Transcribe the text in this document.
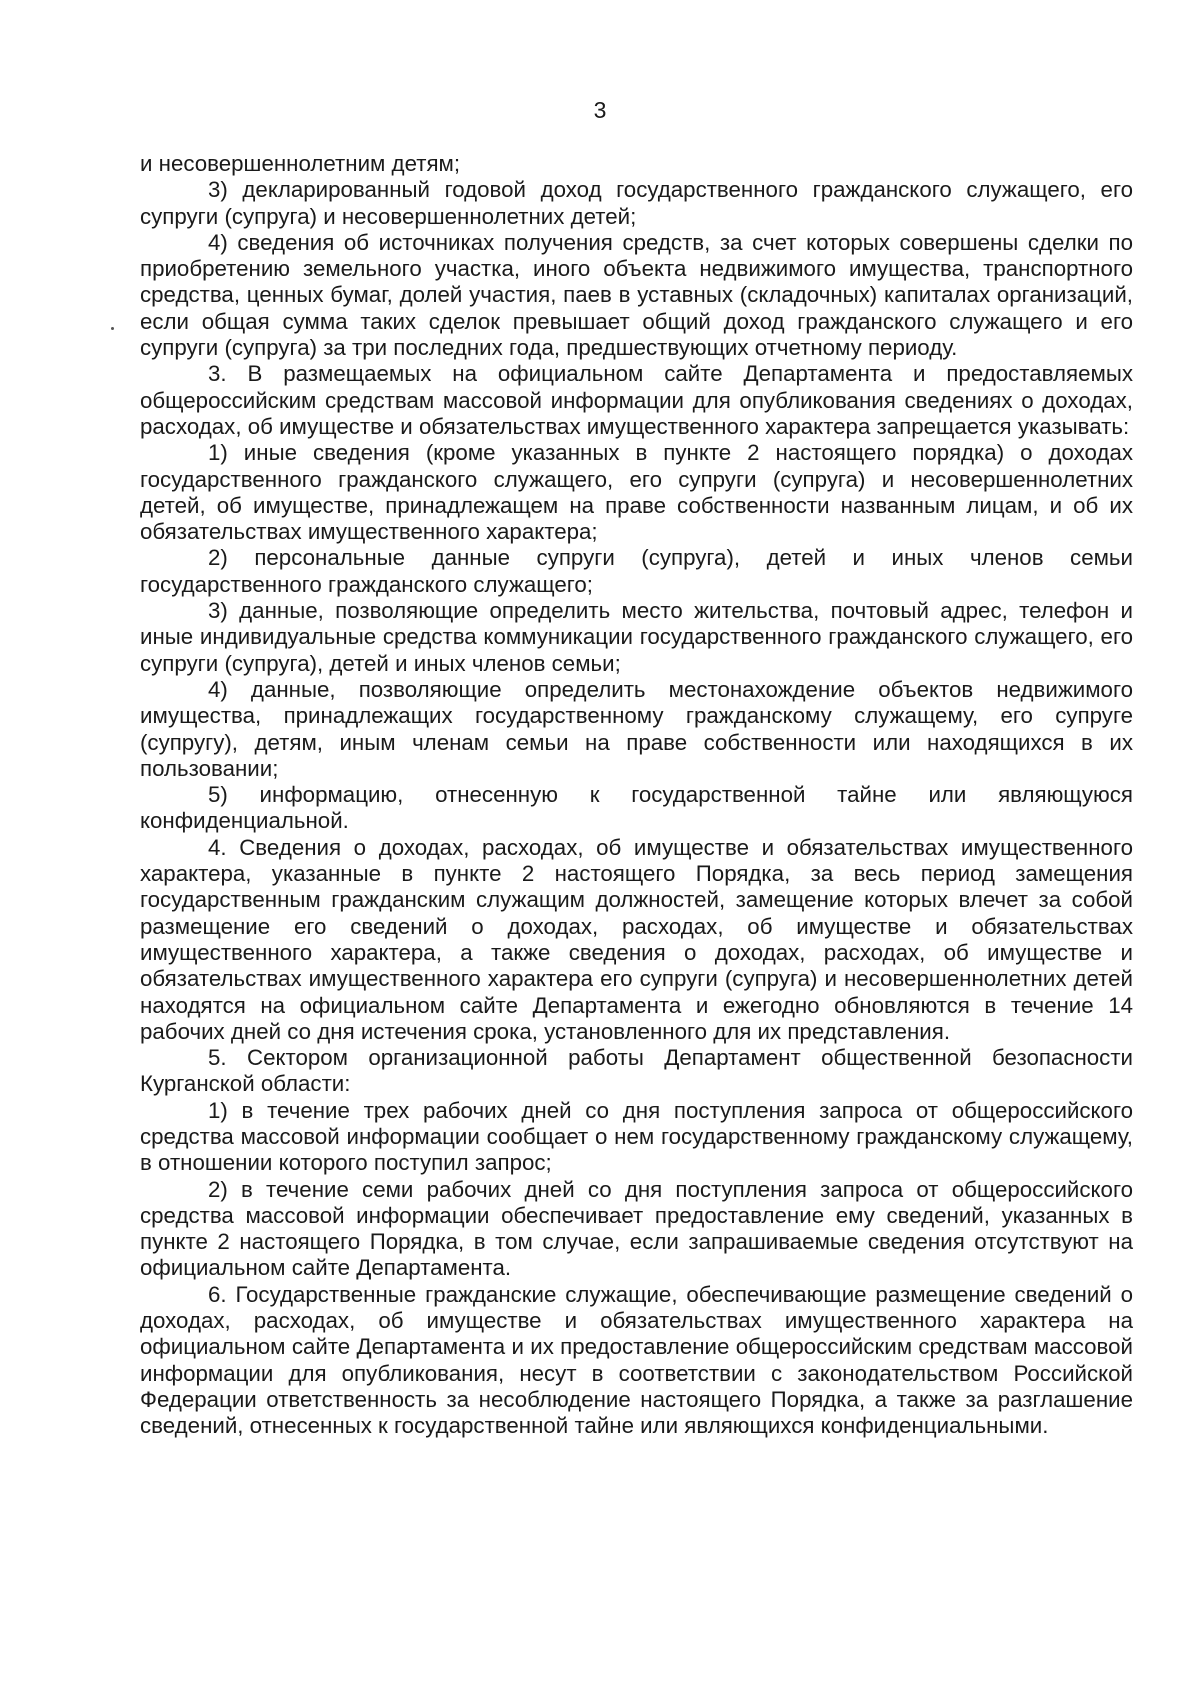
3

и несовершеннолетним детям;

3) декларированный годовой доход государственного гражданского служащего, его супруги (супруга) и несовершеннолетних детей;

4) сведения об источниках получения средств, за счет которых совершены сделки по приобретению земельного участка, иного объекта недвижимого имущества, транспортного средства, ценных бумаг, долей участия, паев в уставных (складочных) капиталах организаций, если общая сумма таких сделок превышает общий доход гражданского служащего и его супруги (супруга) за три последних года, предшествующих отчетному периоду.

3. В размещаемых на официальном сайте Департамента и предоставляемых общероссийским средствам массовой информации для опубликования сведениях о доходах, расходах, об имуществе и обязательствах имущественного характера запрещается указывать:

1) иные сведения (кроме указанных в пункте 2 настоящего порядка) о доходах государственного гражданского служащего, его супруги (супруга) и несовершеннолетних детей, об имуществе, принадлежащем на праве собственности названным лицам, и об их обязательствах имущественного характера;

2) персональные данные супруги (супруга), детей и иных членов семьи государственного гражданского служащего;

3) данные, позволяющие определить место жительства, почтовый адрес, телефон и иные индивидуальные средства коммуникации государственного гражданского служащего, его супруги (супруга), детей и иных членов семьи;

4) данные, позволяющие определить местонахождение объектов недвижимого имущества, принадлежащих государственному гражданскому служащему, его супруге (супругу), детям, иным членам семьи на праве собственности или находящихся в их пользовании;

5) информацию, отнесенную к государственной тайне или являющуюся конфиденциальной.

4. Сведения о доходах, расходах, об имуществе и обязательствах имущественного характера, указанные в пункте 2 настоящего Порядка, за весь период замещения государственным гражданским служащим должностей, замещение которых влечет за собой размещение его сведений о доходах, расходах, об имуществе и обязательствах имущественного характера, а также сведения о доходах, расходах, об имуществе и обязательствах имущественного характера его супруги (супруга) и несовершеннолетних детей находятся на официальном сайте Департамента и ежегодно обновляются в течение 14 рабочих дней со дня истечения срока, установленного для их представления.

5. Сектором организационной работы Департамент общественной безопасности Курганской области:

1) в течение трех рабочих дней со дня поступления запроса от общероссийского средства массовой информации сообщает о нем государственному гражданскому служащему, в отношении которого поступил запрос;

2) в течение семи рабочих дней со дня поступления запроса от общероссийского средства массовой информации обеспечивает предоставление ему сведений, указанных в пункте 2 настоящего Порядка, в том случае, если запрашиваемые сведения отсутствуют на официальном сайте Департамента.

6. Государственные гражданские служащие, обеспечивающие размещение сведений о доходах, расходах, об имуществе и обязательствах имущественного характера на официальном сайте Департамента и их предоставление общероссийским средствам массовой информации для опубликования, несут в соответствии с законодательством Российской Федерации ответственность за несоблюдение настоящего Порядка, а также за разглашение сведений, отнесенных к государственной тайне или являющихся конфиденциальными.
